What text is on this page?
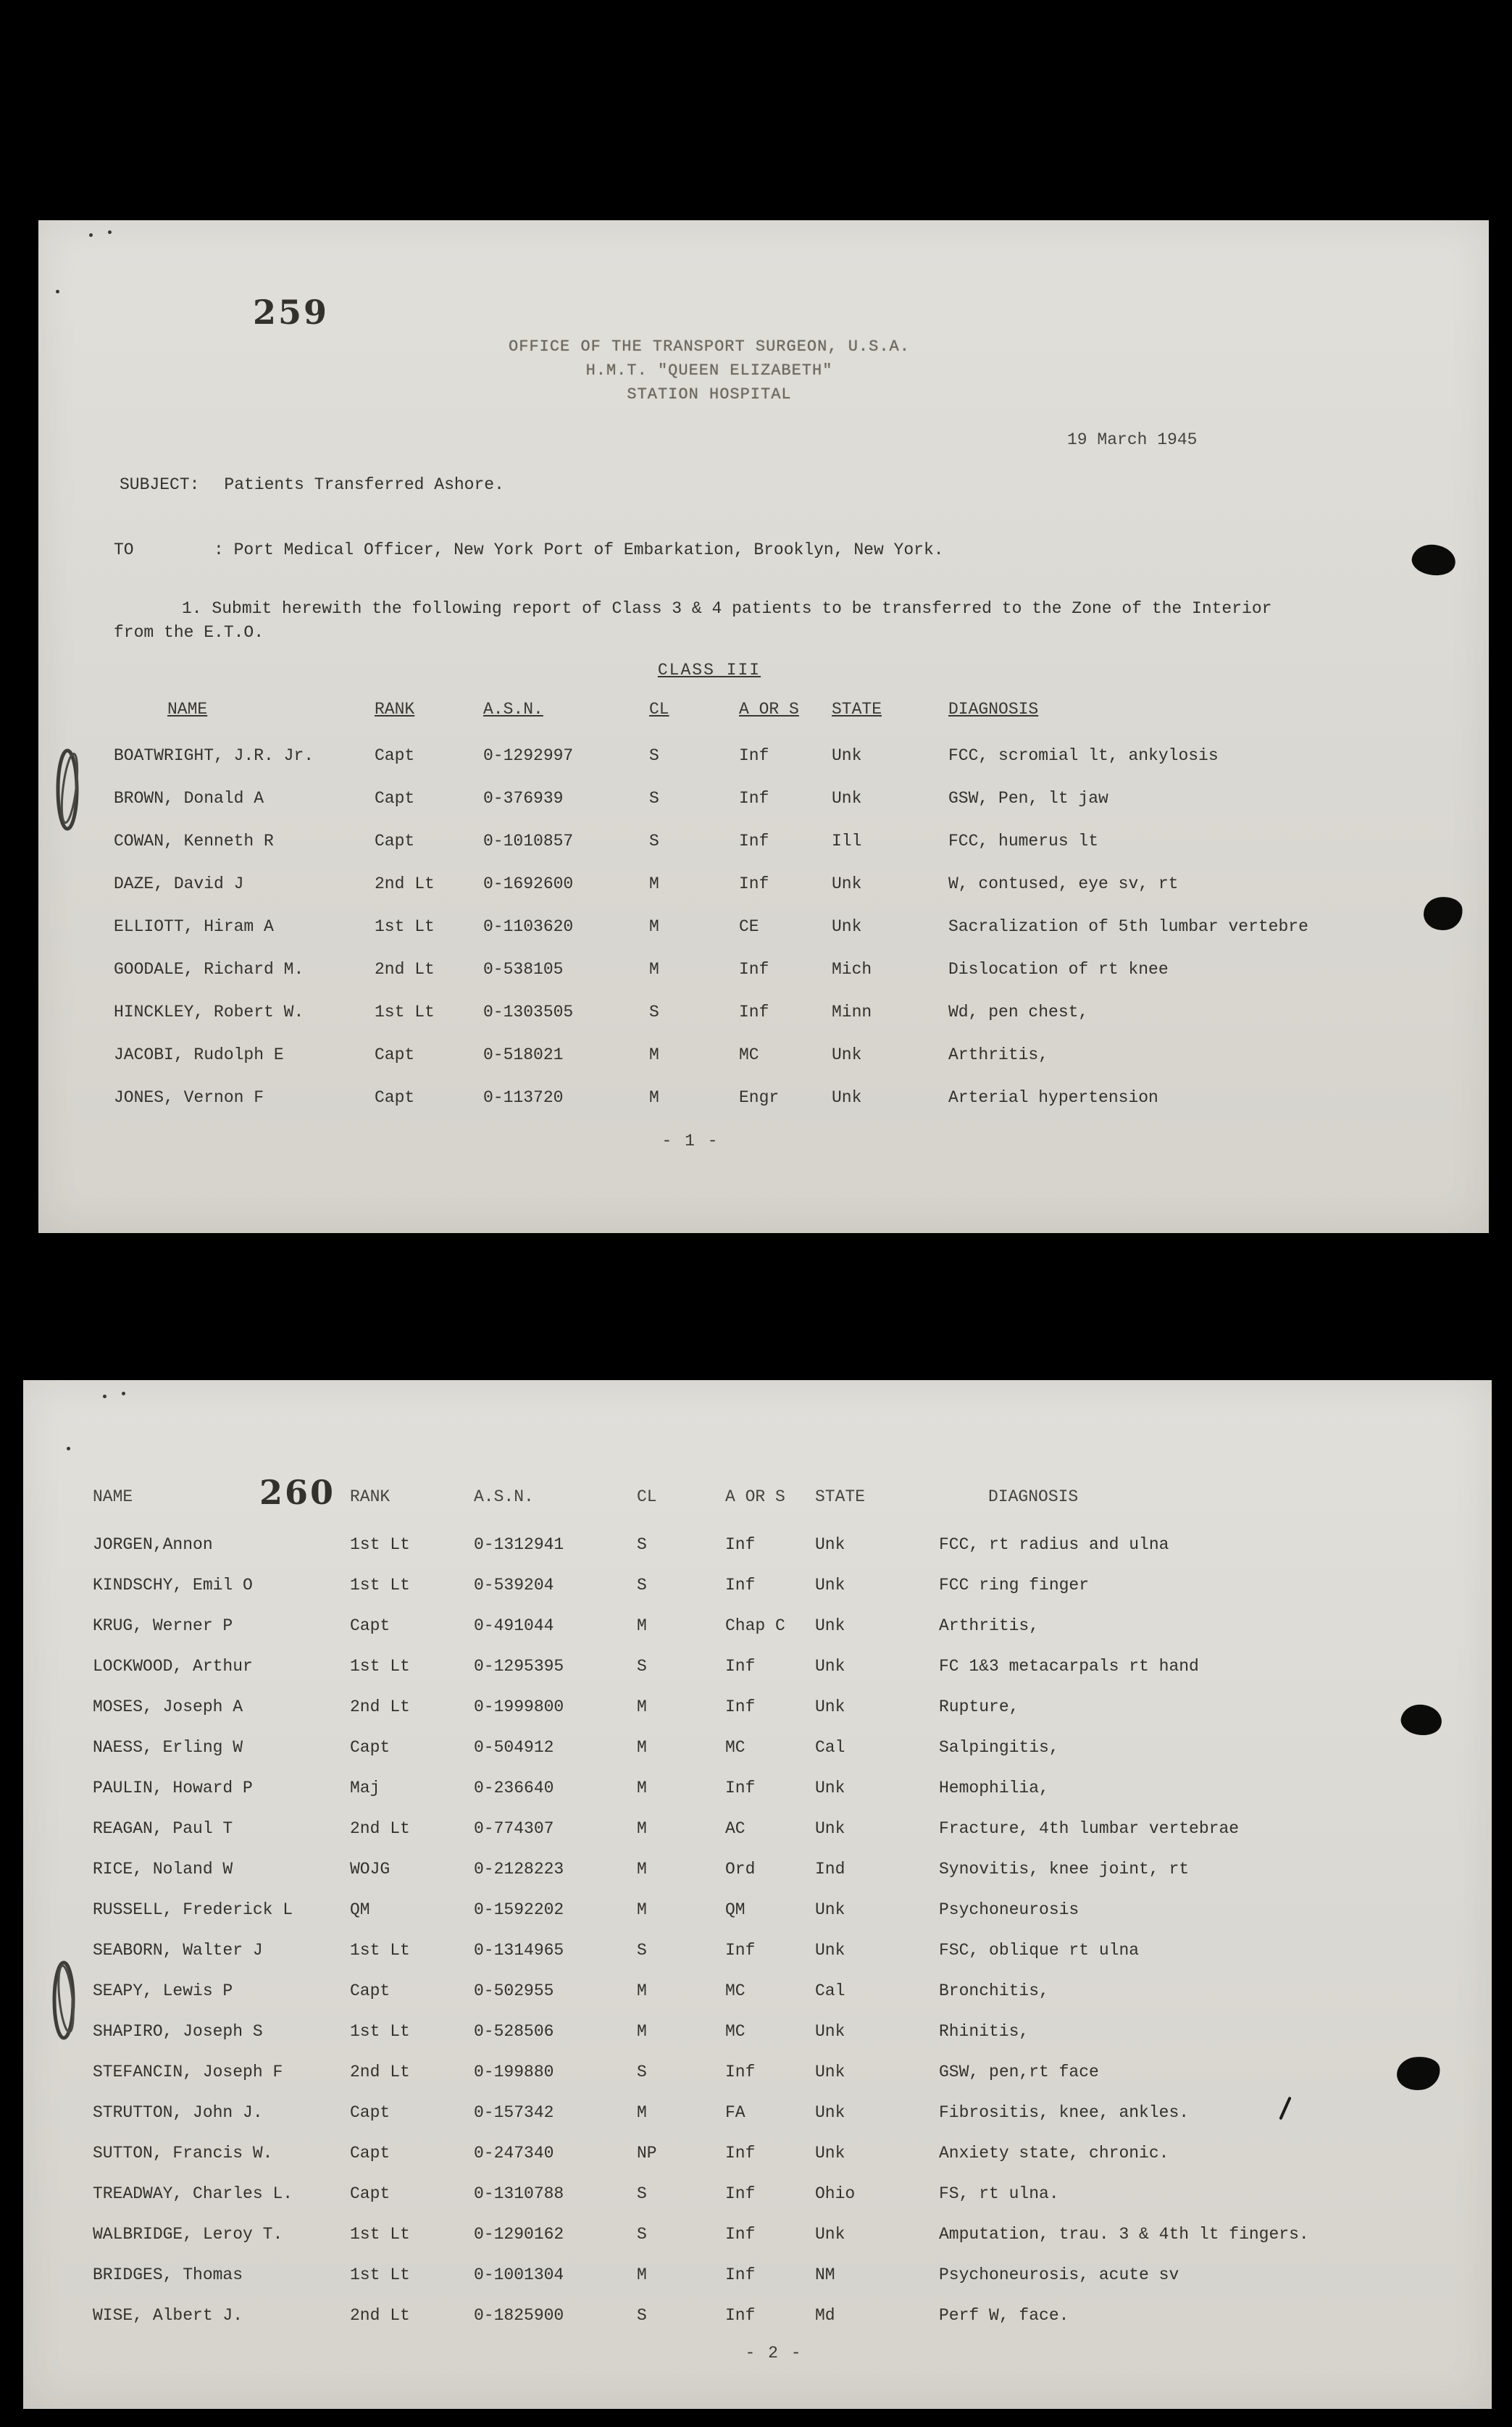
259
OFFICE OF THE TRANSPORT SURGEON, U.S.A.
H.M.T. "QUEEN ELIZABETH"
STATION HOSPITAL
19 March 1945
SUBJECT: Patients Transferred Ashore.
TO	: Port Medical Officer, New York Port of Embarkation, Brooklyn, New York.
1. Submit herewith the following report of Class 3 & 4 patients to be transferred to the Zone of the Interior
from the E.T.O.
CLASS III
NAME	RANK	A.S.N.	CL	A OR S	STATE	DIAGNOSIS
BOATWRIGHT, J.R. Jr.	Capt	0-1292997	S	Inf	Unk	FCC, scromial lt, ankylosis
BROWN, Donald A	Capt	0-376939	S	Inf	Unk	GSW, Pen, lt jaw
COWAN, Kenneth R	Capt	0-1010857	S	Inf	Ill	FCC, humerus lt
DAZE, David J	2nd Lt	0-1692600	M	Inf	Unk	W, contused, eye sv, rt
ELLIOTT, Hiram A	1st Lt	0-1103620	M	CE	Unk	Sacralization of 5th lumbar vertebre
GOODALE, Richard M.	2nd Lt	0-538105	M	Inf	Mich	Dislocation of rt knee
HINCKLEY, Robert W.	1st Lt	0-1303505	S	Inf	Minn	Wd, pen chest,
JACOBI, Rudolph E	Capt	0-518021	M	MC	Unk	Arthritis,
JONES, Vernon F	Capt	0-113720	M	Engr	Unk	Arterial hypertension
- 1 -
260
NAME	RANK	A.S.N.	CL	A OR S	STATE	DIAGNOSIS
JORGEN,Annon	1st Lt	0-1312941	S	Inf	Unk	FCC, rt radius and ulna
KINDSCHY, Emil O	1st Lt	0-539204	S	Inf	Unk	FCC ring finger
KRUG, Werner P	Capt	0-491044	M	Chap C	Unk	Arthritis,
LOCKWOOD, Arthur	1st Lt	0-1295395	S	Inf	Unk	FC 1&3 metacarpals rt hand
MOSES, Joseph A	2nd Lt	0-1999800	M	Inf	Unk	Rupture,
NAESS, Erling W	Capt	0-504912	M	MC	Cal	Salpingitis,
PAULIN, Howard P	Maj	0-236640	M	Inf	Unk	Hemophilia,
REAGAN, Paul T	2nd Lt	0-774307	M	AC	Unk	Fracture, 4th lumbar vertebrae
RICE, Noland W	WOJG	0-2128223	M	Ord	Ind	Synovitis, knee joint, rt
RUSSELL, Frederick L	QM	0-1592202	M	QM	Unk	Psychoneurosis
SEABORN, Walter J	1st Lt	0-1314965	S	Inf	Unk	FSC, oblique rt ulna
SEAPY, Lewis P	Capt	0-502955	M	MC	Cal	Bronchitis,
SHAPIRO, Joseph S	1st Lt	0-528506	M	MC	Unk	Rhinitis,
STEFANCIN, Joseph F	2nd Lt	0-199880	S	Inf	Unk	GSW, pen,rt face
STRUTTON, John J.	Capt	0-157342	M	FA	Unk	Fibrositis, knee, ankles.
SUTTON, Francis W.	Capt	0-247340	NP	Inf	Unk	Anxiety state, chronic.
TREADWAY, Charles L.	Capt	0-1310788	S	Inf	Ohio	FS, rt ulna.
WALBRIDGE, Leroy T.	1st Lt	0-1290162	S	Inf	Unk	Amputation, trau. 3 & 4th lt fingers.
BRIDGES, Thomas	1st Lt	0-1001304	M	Inf	NM	Psychoneurosis, acute sv
WISE, Albert J.	2nd Lt	0-1825900	S	Inf	Md	Perf W, face.
- 2 -
